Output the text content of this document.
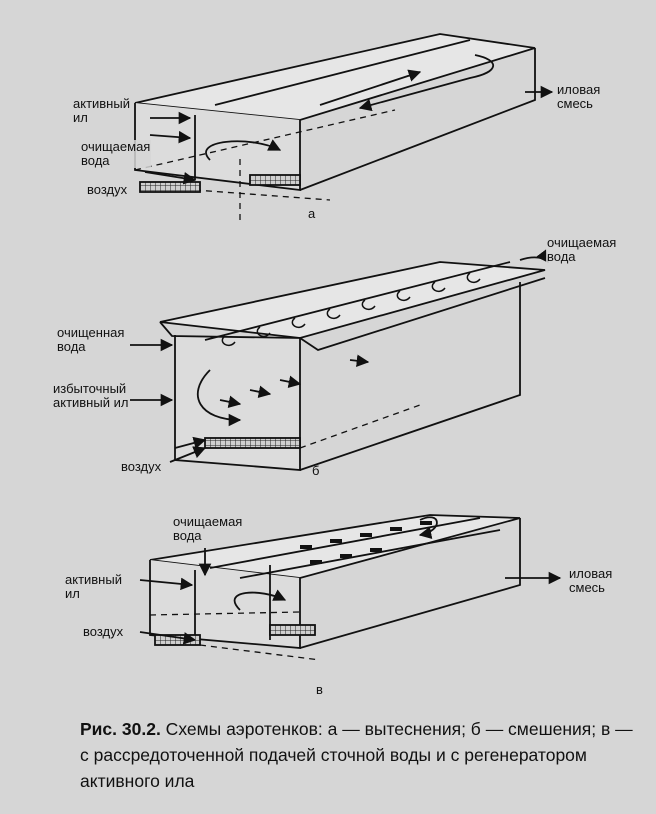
активный
ил
очищаемая
вода
воздух
иловая
смесь
а
очищаемая
вода
очищенная
вода
избыточный
активный ил
воздух	б
очищаемая
вода
активный
ил
воздух
иловая
смесь
в
Рис. 30.2. Схемы аэротенков: а — вытеснения; б — смешения; в — с рассредоточенной подачей сточной воды и с регенератором активного ила
